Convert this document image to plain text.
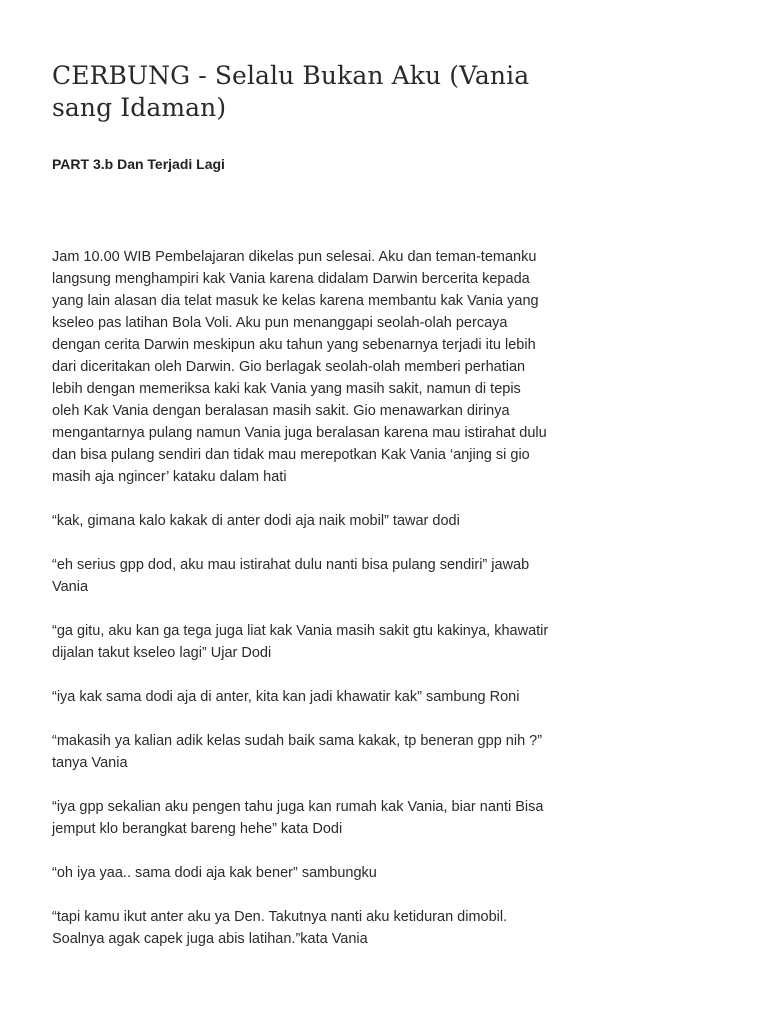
CERBUNG - Selalu Bukan Aku (Vania sang Idaman)
PART 3.b Dan Terjadi Lagi

Jam 10.00 WIB Pembelajaran dikelas pun selesai. Aku dan teman-temanku langsung menghampiri kak Vania karena didalam Darwin bercerita kepada yang lain alasan dia telat masuk ke kelas karena membantu kak Vania yang kseleo pas latihan Bola Voli. Aku pun menanggapi seolah-olah percaya dengan cerita Darwin meskipun aku tahun yang sebenarnya terjadi itu lebih dari diceritakan oleh Darwin. Gio berlagak seolah-olah memberi perhatian lebih dengan memeriksa kaki kak Vania yang masih sakit, namun di tepis oleh Kak Vania dengan beralasan masih sakit. Gio menawarkan dirinya mengantarnya pulang namun Vania juga beralasan karena mau istirahat dulu dan bisa pulang sendiri dan tidak mau merepotkan Kak Vania ‘anjing si gio masih aja ngincer’ kataku dalam hati

“kak, gimana kalo kakak di anter dodi aja naik mobil” tawar dodi

“eh serius gpp dod, aku mau istirahat dulu nanti bisa pulang sendiri” jawab Vania

“ga gitu, aku kan ga tega juga liat kak Vania masih sakit gtu kakinya, khawatir dijalan takut kseleo lagi” Ujar Dodi

“iya kak sama dodi aja di anter, kita kan jadi khawatir kak” sambung Roni

“makasih ya kalian adik kelas sudah baik sama kakak, tp beneran gpp nih ?” tanya Vania

“iya gpp sekalian aku pengen tahu juga kan rumah kak Vania, biar nanti Bisa jemput klo berangkat bareng hehe” kata Dodi

“oh iya yaa.. sama dodi aja kak bener” sambungku

“tapi kamu ikut anter aku ya Den. Takutnya nanti aku ketiduran dimobil. Soalnya agak capek juga abis latihan.”kata Vania
